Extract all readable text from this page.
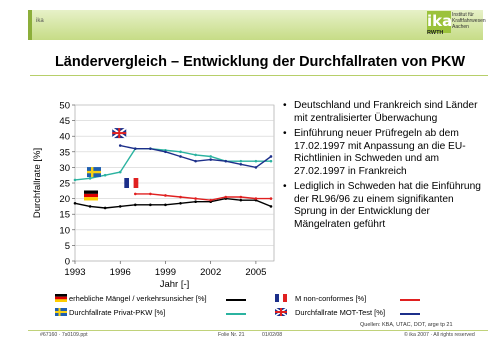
ika	ika
RWTH
Institut für
Kraftfahrwesen
Aachen
Ländervergleich – Entwicklung der Durchfallraten von PKW
0
5
10
15
20
25
30
35
40
45
50
1993	1996	1999	2002	2005
Jahr [-]
Durchfallrate [%]
• Deutschland und Frankreich sind Länder mit zentralisierter Überwachung
• Einführung neuer Prüfregeln ab dem 17.02.1997 mit Anpassung an die EU-Richtlinien in Schweden und am 27.02.1997 in Frankreich
• Lediglich in Schweden hat die Einführung der RL96/96 zu einem signifikanten Sprung in der Entwicklung der Mängelraten geführt
erhebliche Mängel / verkehrsunsicher [%]
Durchfallrate Privat-PKW [%]
M non-conformes [%]
Durchfallrate MOT-Test [%]
Quellen: KBA, UTAC, DOT, arge tp 21
#67160 · 7s0109.ppt	Folie Nr. 21	01/02/08	© ika 2007 · All rights reserved
